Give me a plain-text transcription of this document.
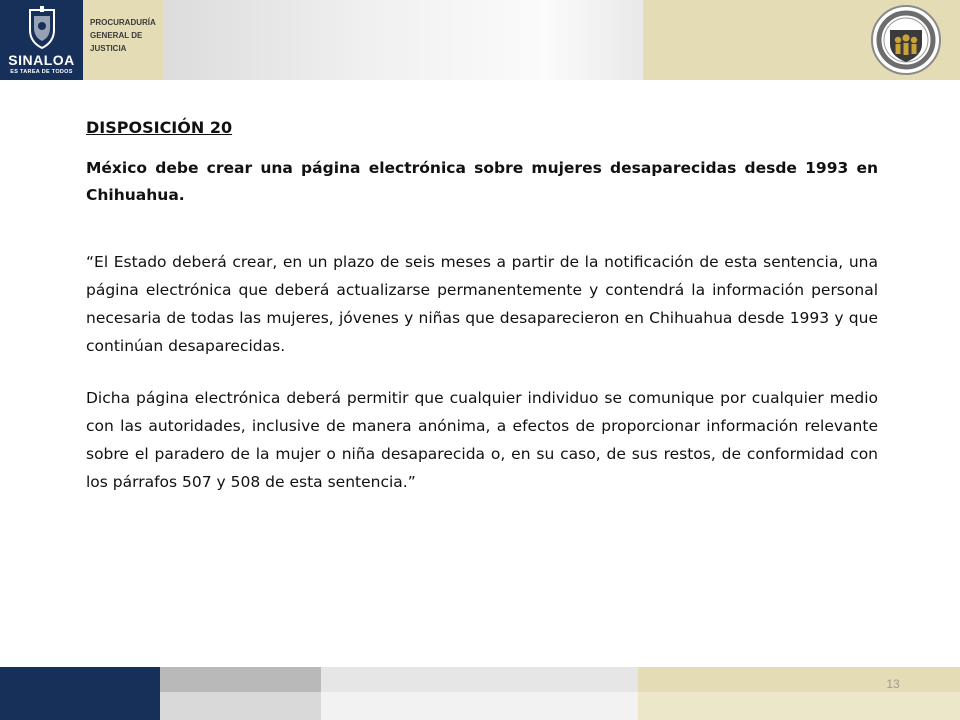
SINALOA
ES TAREA DE TODOS
PROCURADURÍA
GENERAL DE
JUSTICIA
DISPOSICIÓN 20
México debe crear una página electrónica sobre mujeres desaparecidas desde 1993 en Chihuahua.
“El Estado deberá crear, en un plazo de seis meses a partir de la notificación de esta sentencia, una página electrónica que deberá actualizarse permanentemente y contendrá la información personal necesaria de todas las mujeres, jóvenes y niñas que desaparecieron en Chihuahua desde 1993 y que continúan desaparecidas.
Dicha página electrónica deberá permitir que cualquier individuo se comunique por cualquier medio con las autoridades, inclusive de manera anónima, a efectos de proporcionar información relevante sobre el paradero de la mujer o niña desaparecida o, en su caso, de sus restos, de conformidad con los párrafos 507 y 508 de esta sentencia.”
13
